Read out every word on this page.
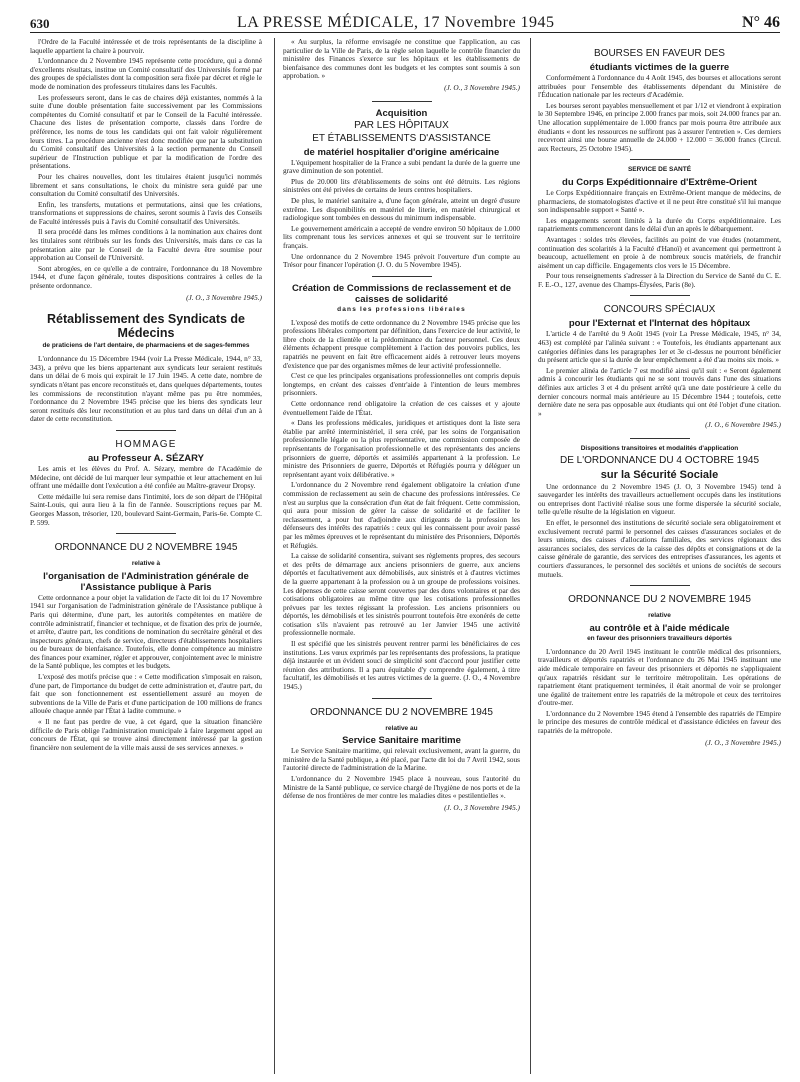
630	LA PRESSE MÉDICALE, 17 Novembre 1945	N° 46

l'Ordre de la Faculté intéressée et de trois représentants de la discipline à laquelle appartient la chaire à pourvoir.

L'ordonnance du 2 Novembre 1945 représente cette procédure, qui a donné d'excellents résultats, institue un Comité consultatif des Universités formé par des groupes de spécialistes dont la composition sera fixée par décret et règle le mode de nomination des professeurs titulaires dans les Facultés.

Les professeurs seront, dans le cas de chaires déjà existantes, nommés à la suite d'une double présentation faite successivement par les Commissions compétentes du Comité consultatif et par le Conseil de la Faculté intéressée. Chacune des listes de présentation comporte, classés dans l'ordre de préférence, les noms de tous les candidats qui ont fait valoir régulièrement leurs titres. La procédure ancienne n'est donc modifiée que par la substitution du Comité consultatif des Universités à la section permanente du Conseil supérieur de l'Instruction publique et par la modification de l'ordre des présentations.

Pour les chaires nouvelles, dont les titulaires étaient jusqu'ici nommés librement et sans consultations, le choix du ministre sera guidé par une consultation du Comité consultatif des Universités.

Enfin, les transferts, mutations et permutations, ainsi que les créations, transformations et suppressions de chaires, seront soumis à l'avis des Conseils de Faculté intéressés puis à l'avis du Comité consultatif des Universités.

Il sera procédé dans les mêmes conditions à la nomination aux chaires dont les titulaires sont rétribués sur les fonds des Universités, mais dans ce cas la présentation aite par le Conseil de la Faculté devra être soumise pour approbation au Conseil de l'Université.

Sont abrogées, en ce qu'elle a de contraire, l'ordonnance du 18 Novembre 1944, et d'une façon générale, toutes dispositions contraires à celles de la présente ordonnance.

(J. O., 3 Novembre 1945.)
Rétablissement des Syndicats de Médecins
de praticiens de l'art dentaire, de pharmaciens et de sages-femmes

L'ordonnance du 15 Décembre 1944 (voir La Presse Médicale, 1944, n° 33, 343), a prévu que les biens appartenant aux syndicats leur seraient restitués dans un délai de 6 mois qui expirait le 17 Juin 1945. A cette date, nombre de syndicats n'étant pas encore reconstitués et, dans quelques départements, toutes les commissions de reconstitution n'ayant même pas pu être nommées, l'ordonnance du 2 Novembre 1945 précise que les biens des syndicats leur seront restitués dès leur reconstitution et au plus tard dans un délai d'un an à dater de cette reconstitution.

HOMMAGE
au Professeur A. SÉZARY

Les amis et les élèves du Prof. A. Sézary, membre de l'Académie de Médecine, ont décidé de lui marquer leur sympathie et leur attachement en lui offrant une médaille dont l'exécution a été confiée au Maître-graveur Dropsy.

Cette médaille lui sera remise dans l'intimité, lors de son départ de l'Hôpital Saint-Louis, qui aura lieu à la fin de l'année. Souscriptions reçues par M. Georges Masson, trésorier, 120, boulevard Saint-Germain, Paris-6e. Compte C. P. 599.

ORDONNANCE DU 2 NOVEMBRE 1945
relative à
l'organisation de l'Administration générale de l'Assistance publique à Paris

Cette ordonnance a pour objet la validation de l'acte dit loi du 17 Novembre 1941 sur l'organisation de l'administration générale de l'Assistance publique à Paris qui détermine, d'une part, les autorités compétentes en matière de contrôle administratif, financier et technique, et de fixation des prix de journée, et arrête, d'autre part, les conditions de nomination du secrétaire général et des inspecteurs généraux, chefs de service, directeurs d'établissements hospitaliers ou de bureaux de bienfaisance. Toutefois, elle donne compétence au ministre des finances pour examiner, régler et approuver, conjointement avec le ministre de la Santé publique, les comptes et les budgets.

L'exposé des motifs précise que : « Cette modification s'imposait en raison, d'une part, de l'importance du budget de cette administration et, d'autre part, du fait que son fonctionnement est essentiellement assuré au moyen de subventions de la Ville de Paris et d'une participation de 100 millions de francs allouée chaque année par l'État à ladite commune. »

« Il ne faut pas perdre de vue, à cet égard, que la situation financière difficile de Paris oblige l'administration municipale à faire largement appel au concours de l'État, qui se trouve ainsi directement intéressé par la gestion financière non seulement de la ville mais aussi de ses services annexes. »

« Au surplus, la réforme envisagée ne constitue que l'application, au cas particulier de la Ville de Paris, de la règle selon laquelle le contrôle financier du ministère des Finances s'exerce sur les hôpitaux et les établissements de bienfaisance des communes dont les budgets et les comptes sont soumis à son approbation. »

(J. O., 3 Novembre 1945.)
Acquisition
PAR LES HÔPITAUX
ET ÉTABLISSEMENTS D'ASSISTANCE
de matériel hospitalier d'origine américaine

L'équipement hospitalier de la France a subi pendant la durée de la guerre une grave diminution de son potentiel.

Plus de 20.000 lits d'établissements de soins ont été détruits. Les régions sinistrées ont été privées de certains de leurs centres hospitaliers.

De plus, le matériel sanitaire a, d'une façon générale, atteint un degré d'usure extrême. Les disponibilités en matériel de literie, en matériel chirurgical et radiologique sont tombées en dessous du minimum indispensable.

Le gouvernement américain a accepté de vendre environ 50 hôpitaux de 1.000 lits comprenant tous les services annexes et qui se trouvent sur le territoire français.

Une ordonnance du 2 Novembre 1945 prévoit l'ouverture d'un compte au Trésor pour financer l'opération (J. O. du 5 Novembre 1945).

Création de Commissions de reclassement et de caisses de solidarité
dans les professions libérales

L'exposé des motifs de cette ordonnance du 2 Novembre 1945 précise que les professions libérales comportent par définition, dans l'exercice de leur activité, le libre choix de la clientèle et la prédominance du facteur personnel. Ces deux éléments échappent presque complètement à l'action des pouvoirs publics, les rapatriés ne peuvent en fait être efficacement aidés à retrouver leurs moyens d'existence que par des organismes mêmes de leur activité professionnelle.

C'est ce que les principales organisations professionnelles ont compris depuis longtemps, en créant des caisses d'entr'aide à l'intention de leurs membres prisonniers.

Cette ordonnance rend obligatoire la création de ces caisses et y ajoute éventuellement l'aide de l'État.

« Dans les professions médicales, juridiques et artistiques dont la liste sera établie par arrêté interministériel, il sera créé, par les soins de l'organisation professionnelle légale ou la plus représentative, une commission composée de représentants de l'organisation professionnelle et des représentants des anciens prisonniers de guerre, déportés et assimilés appartenant à la profession. Le ministre des Prisonniers de guerre, Déportés et Réfugiés pourra y déléguer un représentant ayant voix délibérative. »

L'ordonnance du 2 Novembre rend également obligatoire la création d'une commission de reclassement au sein de chacune des professions intéressées. Ce n'est au surplus que la consécration d'un état de fait fréquent. Cette commission, qui aura pour mission de gérer la caisse de solidarité et de faciliter le reclassement, a pour but d'adjoindre aux dirigeants de la profession les défenseurs des intérêts des rapatriés : ceux qui les connaissent pour avoir passé par les mêmes épreuves et le représentant du ministère des Prisonniers, Déportés et Réfugiés.

La caisse de solidarité consentira, suivant ses règlements propres, des secours et des prêts de démarrage aux anciens prisonniers de guerre, aux anciens déportés et facultativement aux démobilisés, aux sinistrés et à d'autres victimes de la guerre appartenant à la profession ou à un groupe de professions voisines. Les dépenses de cette caisse seront couvertes par des dons volontaires et par des cotisations obligatoires au même titre que les cotisations professionnelles prévues par les textes régissant la profession. Les anciens prisonniers ou déportés, les démobilisés et les sinistrés pourront toutefois être exonérés de cette cotisation s'ils n'avaient pas retrouvé au 1er Janvier 1945 une activité professionnelle normale.

Il est spécifié que les sinistrés peuvent rentrer parmi les bénéficiaires de ces institutions. Les vœux exprimés par les représentants des professions, la pratique déjà instaurée et un évident souci de simplicité sont d'accord pour justifier cette réunion des attributions. Il a paru équitable d'y comprendre également, à titre facultatif, les démobilisés et les autres victimes de la guerre. (J. O., 4 Novembre 1945.)

ORDONNANCE DU 2 NOVEMBRE 1945
relative au
Service Sanitaire maritime

Le Service Sanitaire maritime, qui relevait exclusivement, avant la guerre, du ministère de la Santé publique, a été placé, par l'acte dit loi du 7 Avril 1942, sous l'autorité directe de l'administration de la Marine.

L'ordonnance du 2 Novembre 1945 place à nouveau, sous l'autorité du Ministre de la Santé publique, ce service chargé de l'hygiène de nos ports et de la défense de nos frontières de mer contre les maladies dites « pestilentielles ».

(J. O., 3 Novembre 1945.)
BOURSES EN FAVEUR DES
étudiants victimes de la guerre

Conformément à l'ordonnance du 4 Août 1945, des bourses et allocations seront attribuées pour l'ensemble des établissements dépendant du Ministère de l'Éducation nationale par les recteurs d'Académie.

Les bourses seront payables mensuellement et par 1/12 et viendront à expiration le 30 Septembre 1946, en principe 2.000 francs par mois, soit 24.000 francs par an. Une allocation supplémentaire de 1.000 francs par mois pourra être attribuée aux étudiants « dont les ressources ne suffiront pas à assurer l'entretien ». Ces derniers recevront ainsi une bourse annuelle de 24.000 + 12.000 = 36.000 francs (Circul. aux Recteurs, 25 Octobre 1945).

SERVICE DE SANTÉ
du Corps Expéditionnaire d'Extrême-Orient

Le Corps Expéditionnaire français en Extrême-Orient manque de médecins, de pharmaciens, de stomatologistes d'active et il ne peut être constitué s'il lui manque son indispensable support « Santé ».

Les engagements seront limités à la durée du Corps expéditionnaire. Les rapatriements commenceront dans le délai d'un an après le débarquement.

Avantages : soldes très élevées, facilités au point de vue études (notamment, continuation des scolarités à la Faculté d'Hanoï) et avancement qui permettront à beaucoup, actuellement en proie à de nombreux soucis matériels, de franchir aisément un cap difficile. Engagements clos vers le 15 Décembre.

Pour tous renseignements s'adresser à la Direction du Service de Santé du C. E. F. E.-O., 127, avenue des Champs-Élysées, Paris (8e).

CONCOURS SPÉCIAUX
pour l'Externat et l'Internat des hôpitaux

L'article 4 de l'arrêté du 9 Août 1945 (voir La Presse Médicale, 1945, n° 34, 463) est complété par l'alinéa suivant : « Toutefois, les étudiants appartenant aux catégories définies dans les paragraphes 1er et 3e ci-dessus ne pourront bénéficier du présent article que si la durée de leur empêchement a été d'au moins six mois. »

Le premier alinéa de l'article 7 est modifié ainsi qu'il suit : « Seront également admis à concourir les étudiants qui ne se sont trouvés dans l'une des situations définies aux articles 3 et 4 du présent arrêté qu'à une date postérieure à celle du dernier concours normal mais antérieure au 15 Décembre 1944 ; toutefois, cette dernière date ne sera pas opposable aux étudiants qui ont été l'objet d'une citation. »

(J. O., 6 Novembre 1945.)
Dispositions transitoires et modalités d'application
DE L'ORDONNANCE DU 4 OCTOBRE 1945
sur la Sécurité Sociale

Une ordonnance du 2 Novembre 1945 (J. O, 3 Novembre 1945) tend à sauvegarder les intérêts des travailleurs actuellement occupés dans les institutions ou entreprises dont l'activité réalise sous une forme dispersée la sécurité sociale, telle qu'elle résulte de la législation en vigueur.

En effet, le personnel des institutions de sécurité sociale sera obligatoirement et exclusivement recruté parmi le personnel des caisses d'assurances sociales et de leurs unions, des caisses d'allocations familiales, des services régionaux des assurances sociales, des services de la caisse des dépôts et consignations et de la caisse générale de garantie, des services des entreprises d'assurances, les agents et courtiers d'assurances, le personnel des sociétés et unions de sociétés de secours mutuels.

ORDONNANCE DU 2 NOVEMBRE 1945
relative
au contrôle et à l'aide médicale
en faveur des prisonniers travailleurs déportés

L'ordonnance du 20 Avril 1945 instituant le contrôle médical des prisonniers, travailleurs et déportés rapatriés et l'ordonnance du 26 Mai 1945 instituant une aide médicale temporaire en faveur des prisonniers et déportés ne s'appliquaient qu'aux rapatriés résidant sur le territoire métropolitain. Les opérations de rapatriement étant pratiquement terminées, il était anormal de voir se prolonger une égalité de traitement entre les rapatriés de la métropole et ceux des territoires d'outre-mer.

L'ordonnance du 2 Novembre 1945 étend à l'ensemble des rapatriés de l'Empire le principe des mesures de contrôle médical et d'assistance édictées en faveur des rapatriés de la métropole.

(J. O., 3 Novembre 1945.)
